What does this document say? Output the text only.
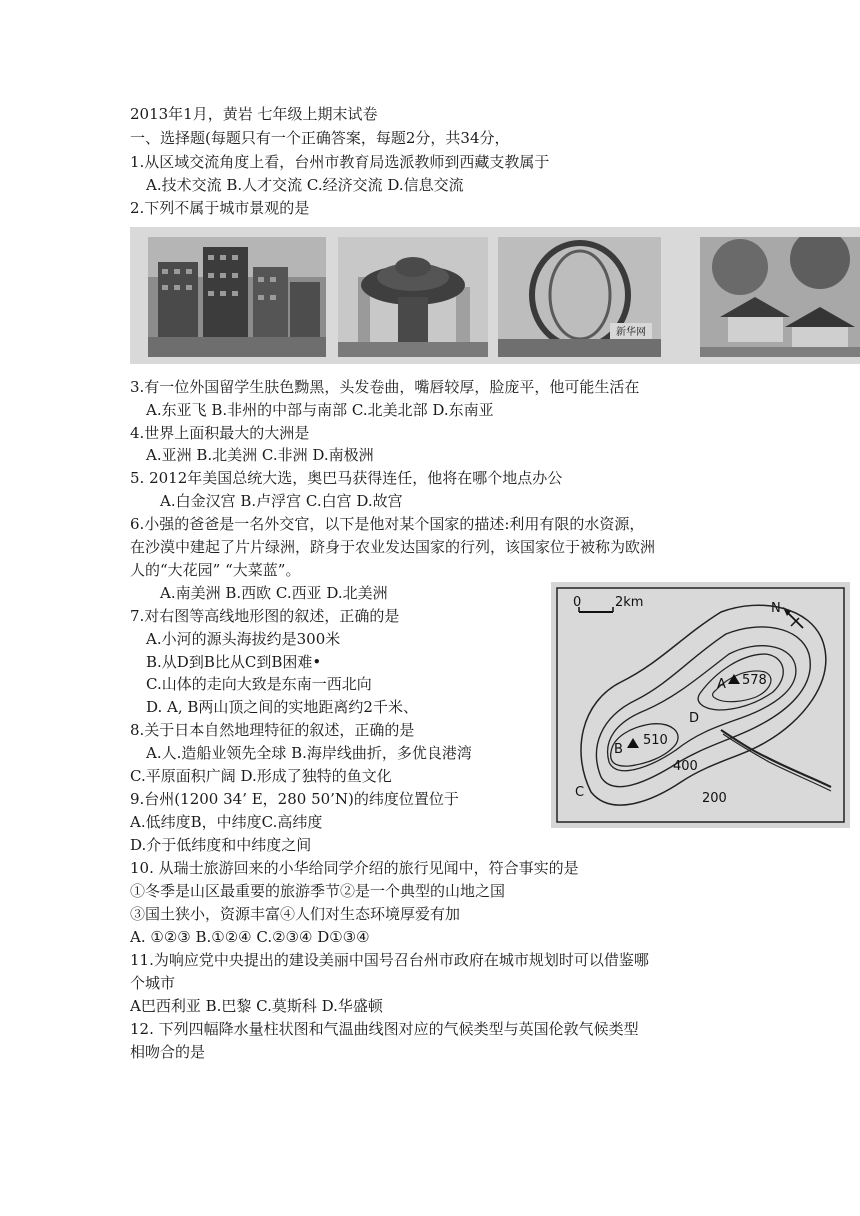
2013年1月，黄岩 七年级上期末试卷
一、选择题(每题只有一个正确答案，每题2分，共34分，
1.从区域交流角度上看，台州市教育局选派教师到西藏支教属于
A.技术交流 B.人才交流 C.经济交流 D.信息交流
2.下列不属于城市景观的是
新华网
3.有一位外国留学生肤色黝黑，头发卷曲，嘴唇较厚，脸庞平，他可能生活在
A.东亚飞 B.非州的中部与南部 C.北美北部 D.东南亚
4.世界上面积最大的大洲是
A.亚洲 B.北美洲 C.非洲 D.南极洲
5. 2012年美国总统大选，奥巴马获得连任，他将在哪个地点办公
A.白金汉宫 B.卢浮宫 C.白宫 D.故宫
6.小强的爸爸是一名外交官，以下是他对某个国家的描述:利用有限的水资源，
在沙漠中建起了片片绿洲，跻身于农业发达国家的行列，该国家位于被称为欧洲
人的“大花园” “大菜蓝”。
A.南美洲 B.西欧 C.西亚 D.北美洲
7.对右图等高线地形图的叙述，正确的是
A.小河的源头海拔约是300米
B.从D到B比从C到B困难•
C.山体的走向大致是东南一西北向
D. A, B两山顶之间的实地距离约2千米、
8.关于日本自然地理特征的叙述，正确的是
A.人.造船业领先全球 B.海岸线曲折，多优良港湾
C.平原面积广阔 D.形成了独特的鱼文化
9.台州(1200 34’ E，280 50’N)的纬度位置位于
A.低纬度B，中纬度C.高纬度
D.介于低纬度和中纬度之间
10. 从瑞士旅游回来的小华给同学介绍的旅行见闻中，符合事实的是
①冬季是山区最重要的旅游季节②是一个典型的山地之国
③国土狭小，资源丰富④人们对生态环境厚爱有加
A. ①②③ B.①②④ C.②③④ D①③④
11.为响应党中央提出的建设美丽中国号召台州市政府在城市规划时可以借鉴哪
个城市
A巴西利亚 B.巴黎 C.莫斯科 D.华盛顿
12. 下列四幅降水量柱状图和气温曲线图对应的气候类型与英国伦敦气候类型
相吻合的是
0	2km	N
A 578
B
510
D
C
400
200
